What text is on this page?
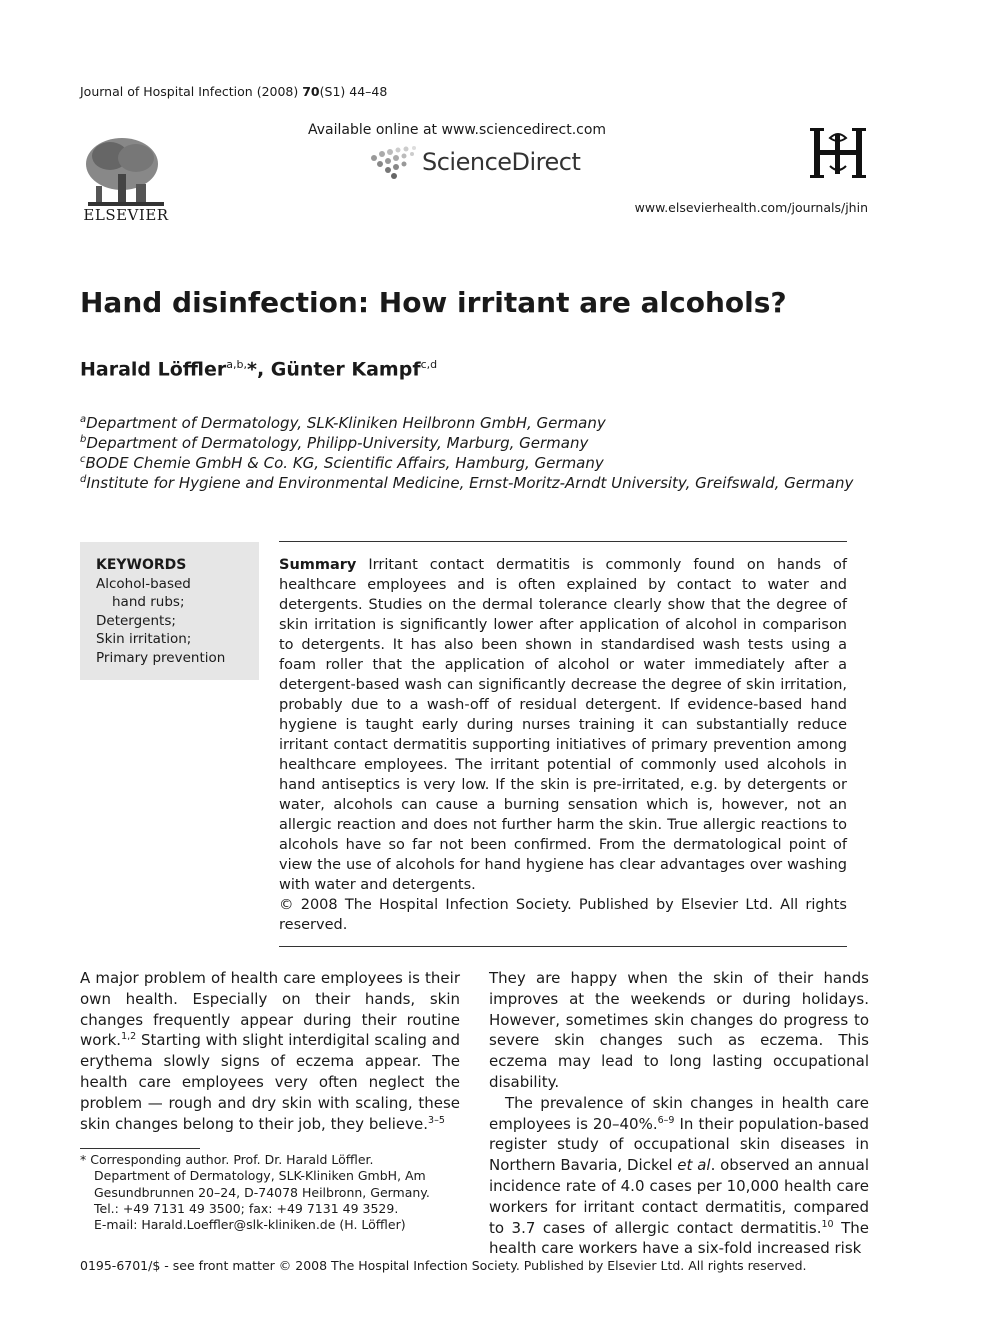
Journal of Hospital Infection (2008) 70(S1) 44–48
ELSEVIER
Available online at www.sciencedirect.com
ScienceDirect
www.elsevierhealth.com/journals/jhin
Hand disinfection: How irritant are alcohols?
Harald Löffler$^{a,b,}$*, Günter Kampf$^{c,d}$
$^a$Department of Dermatology, SLK-Kliniken Heilbronn GmbH, Germany
$^b$Department of Dermatology, Philipp-University, Marburg, Germany
$^c$BODE Chemie GmbH & Co. KG, Scientific Affairs, Hamburg, Germany
$^d$Institute for Hygiene and Environmental Medicine, Ernst-Moritz-Arndt University, Greifswald, Germany
KEYWORDS
Alcohol-based
hand rubs;
Detergents;
Skin irritation;
Primary prevention
Summary Irritant contact dermatitis is commonly found on hands of healthcare employees and is often explained by contact to water and detergents. Studies on the dermal tolerance clearly show that the degree of skin irritation is significantly lower after application of alcohol in comparison to detergents. It has also been shown in standardised wash tests using a foam roller that the application of alcohol or water immediately after a detergent-based wash can significantly decrease the degree of skin irritation, probably due to a wash-off of residual detergent. If evidence-based hand hygiene is taught early during nurses training it can substantially reduce irritant contact dermatitis supporting initiatives of primary prevention among healthcare employees. The irritant potential of commonly used alcohols in hand antiseptics is very low. If the skin is pre-irritated, e.g. by detergents or water, alcohols can cause a burning sensation which is, however, not an allergic reaction and does not further harm the skin. True allergic reactions to alcohols have so far not been confirmed. From the dermatological point of view the use of alcohols for hand hygiene has clear advantages over washing with water and detergents.
© 2008 The Hospital Infection Society. Published by Elsevier Ltd. All rights reserved.

A major problem of health care employees is their own health. Especially on their hands, skin changes frequently appear during their routine work.$^{1,2}$ Starting with slight interdigital scaling and erythema slowly signs of eczema appear. The health care employees very often neglect the problem — rough and dry skin with scaling, these skin changes belong to their job, they believe.$^{3-5}$

* Corresponding author. Prof. Dr. Harald Löffler.
Department of Dermatology, SLK-Kliniken GmbH, Am
Gesundbrunnen 20–24, D-74078 Heilbronn, Germany.
Tel.: +49 7131 49 3500; fax: +49 7131 49 3529.
E-mail: Harald.Loeffler@slk-kliniken.de (H. Löffler)

They are happy when the skin of their hands improves at the weekends or during holidays. However, sometimes skin changes do progress to severe skin changes such as eczema. This eczema may lead to long lasting occupational disability.

The prevalence of skin changes in health care employees is 20–40%.$^{6-9}$ In their population-based register study of occupational skin diseases in Northern Bavaria, Dickel et al. observed an annual incidence rate of 4.0 cases per 10,000 health care workers for irritant contact dermatitis, compared to 3.7 cases of allergic contact dermatitis.$^{10}$ The health care workers have a six-fold increased risk

0195-6701/$ - see front matter © 2008 The Hospital Infection Society. Published by Elsevier Ltd. All rights reserved.
